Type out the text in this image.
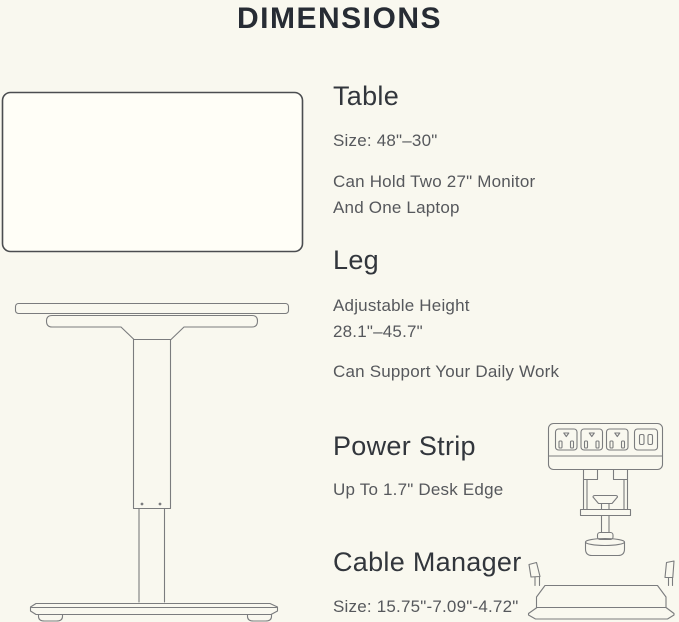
DIMENSIONS
Table
Size: 48"–30"
Can Hold Two 27" Monitor
And One Laptop
Leg
Adjustable Height
28.1"–45.7"
Can Support Your Daily Work
Power Strip
Up To 1.7" Desk Edge
Cable Manager
Size: 15.75"-7.09"-4.72"
